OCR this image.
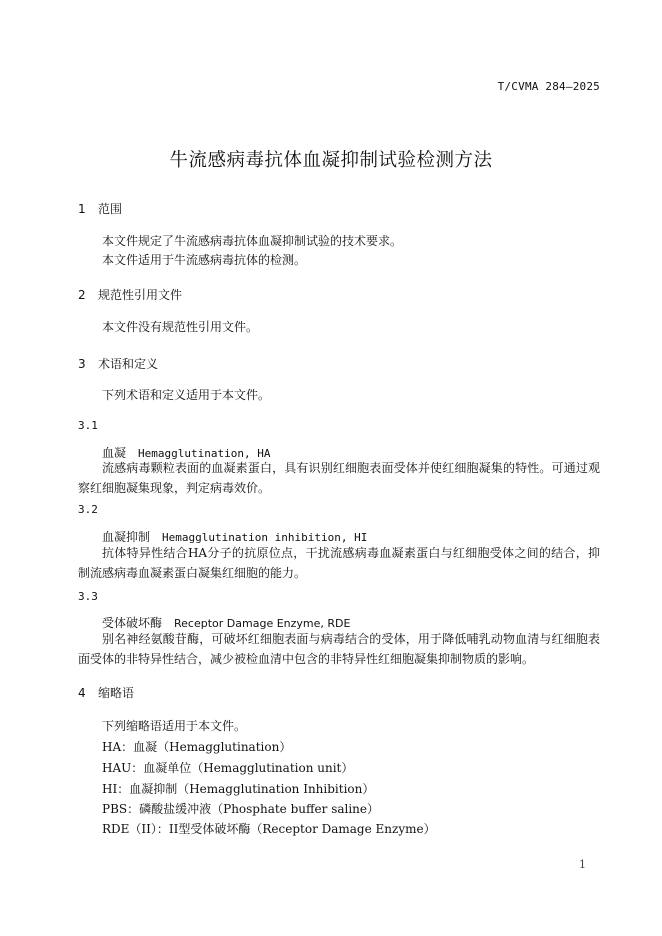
T/CVMA 284—2025
牛流感病毒抗体血凝抑制试验检测方法
1 范围
本文件规定了牛流感病毒抗体血凝抑制试验的技术要求。
本文件适用于牛流感病毒抗体的检测。
2 规范性引用文件
本文件没有规范性引用文件。
3 术语和定义
下列术语和定义适用于本文件。
3.1
血凝 Hemagglutination, HA
流感病毒颗粒表面的血凝素蛋白，具有识别红细胞表面受体并使红细胞凝集的特性。可通过观察红细胞凝集现象，判定病毒效价。
3.2
血凝抑制 Hemagglutination inhibition, HI
抗体特异性结合HA分子的抗原位点，干扰流感病毒血凝素蛋白与红细胞受体之间的结合，抑制流感病毒血凝素蛋白凝集红细胞的能力。
3.3
受体破坏酶 Receptor Damage Enzyme, RDE
别名神经氨酸苷酶，可破坏红细胞表面与病毒结合的受体，用于降低哺乳动物血清与红细胞表面受体的非特异性结合，减少被检血清中包含的非特异性红细胞凝集抑制物质的影响。
4 缩略语
下列缩略语适用于本文件。
HA：血凝（Hemagglutination）
HAU：血凝单位（Hemagglutination unit）
HI：血凝抑制（Hemagglutination Inhibition）
PBS：磷酸盐缓冲液（Phosphate buffer saline）
RDE（II）：II型受体破坏酶（Receptor Damage Enzyme）
1
